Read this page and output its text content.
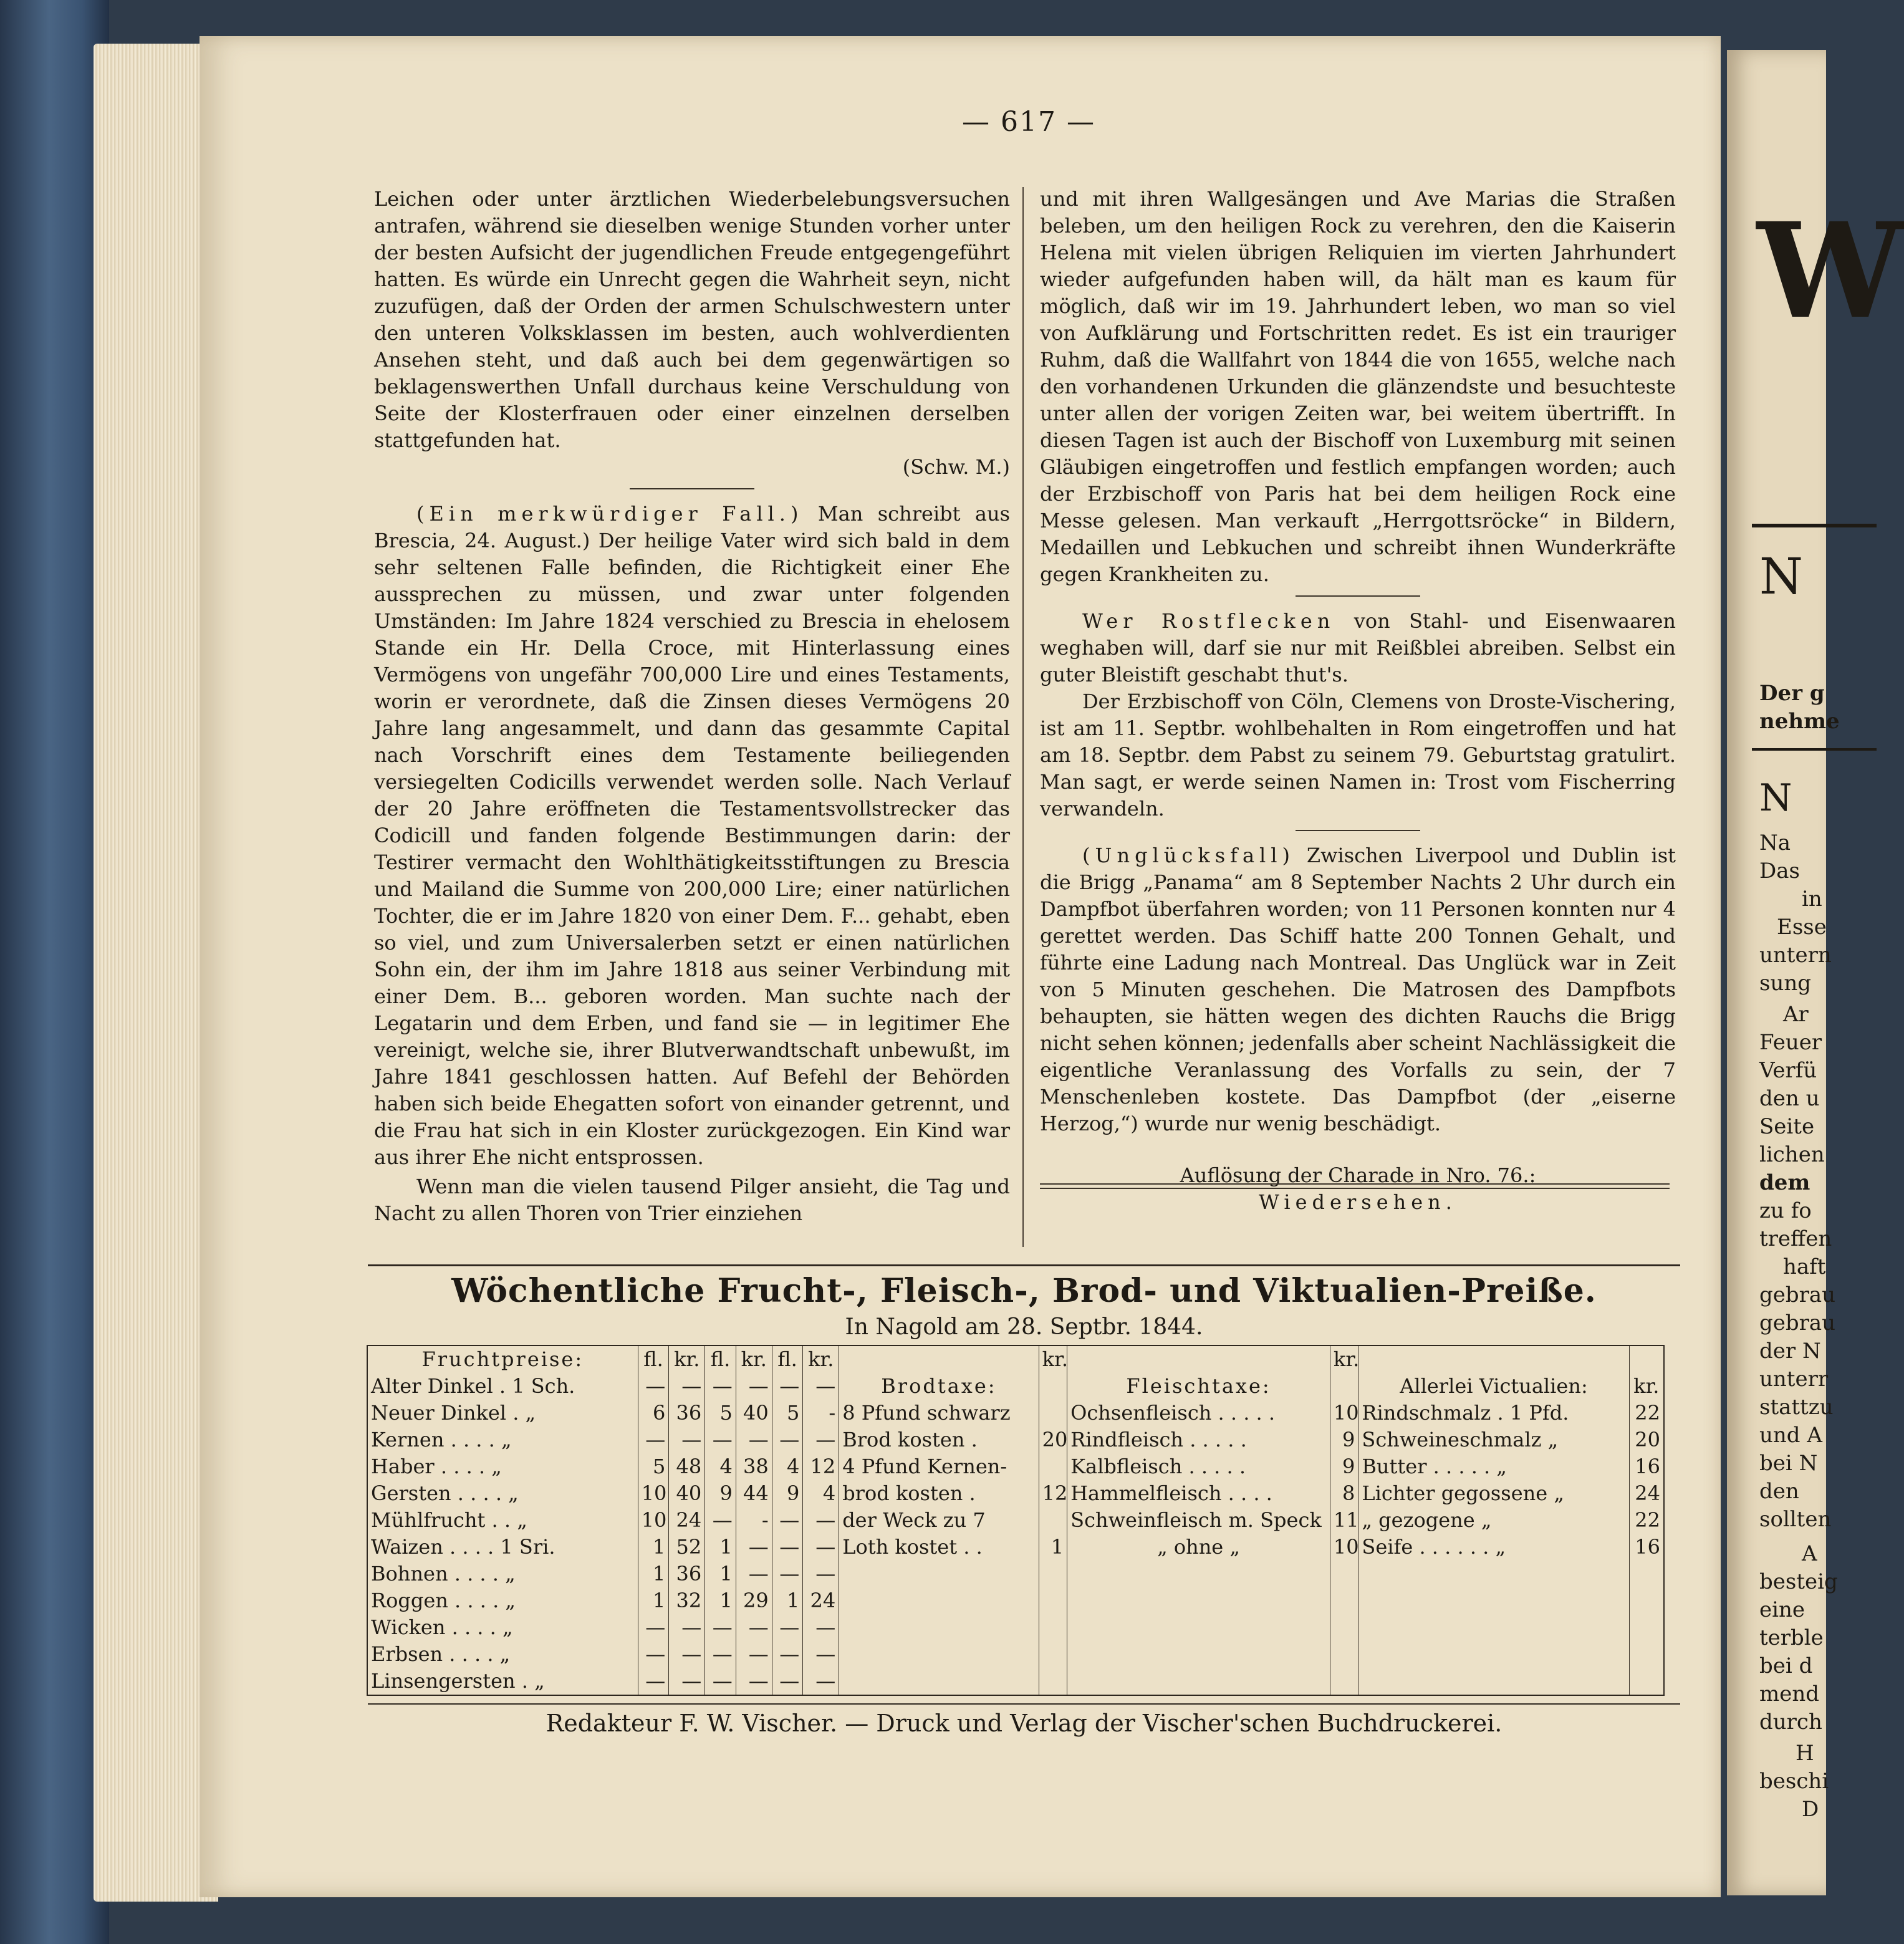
W
N
Der g
nehme
N
Na
Das
in
Esse
untern
sung
Ar
Feuer
Verfü
den u
Seite
lichen
dem
zu fo
treffen
haft
gebrau
gebrau
der N
unterr
stattzu
und A
bei N
den
sollten
A
besteig
eine
terble
bei d
mend
durch
H
beschi
D
— 617 —

Leichen oder unter ärztlichen Wiederbelebungsversuchen antrafen, während sie dieselben wenige Stunden vorher unter der besten Aufsicht der jugendlichen Freude entgegengeführt hatten. Es würde ein Unrecht gegen die Wahrheit seyn, nicht zuzufügen, daß der Orden der armen Schulschwestern unter den unteren Volksklassen im besten, auch wohlverdienten Ansehen steht, und daß auch bei dem gegenwärtigen so beklagenswerthen Unfall durchaus keine Verschuldung von Seite der Klosterfrauen oder einer einzelnen derselben stattgefunden hat.

(Schw. M.)

(Ein merkwürdiger Fall.) Man schreibt aus Brescia, 24. August.) Der heilige Vater wird sich bald in dem sehr seltenen Falle befinden, die Richtigkeit einer Ehe aussprechen zu müssen, und zwar unter folgenden Umständen: Im Jahre 1824 verschied zu Brescia in ehelosem Stande ein Hr. Della Croce, mit Hinterlassung eines Vermögens von ungefähr 700,000 Lire und eines Testaments, worin er verordnete, daß die Zinsen dieses Vermögens 20 Jahre lang angesammelt, und dann das gesammte Capital nach Vorschrift eines dem Testamente beiliegenden versiegelten Codicills verwendet werden solle. Nach Verlauf der 20 Jahre eröffneten die Testamentsvollstrecker das Codicill und fanden folgende Bestimmungen darin: der Testirer vermacht den Wohlthätigkeitsstiftungen zu Brescia und Mailand die Summe von 200,000 Lire; einer natürlichen Tochter, die er im Jahre 1820 von einer Dem. F... gehabt, eben so viel, und zum Universalerben setzt er einen natürlichen Sohn ein, der ihm im Jahre 1818 aus seiner Verbindung mit einer Dem. B... geboren worden. Man suchte nach der Legatarin und dem Erben, und fand sie — in legitimer Ehe vereinigt, welche sie, ihrer Blutverwandtschaft unbewußt, im Jahre 1841 geschlossen hatten. Auf Befehl der Behörden haben sich beide Ehegatten sofort von einander getrennt, und die Frau hat sich in ein Kloster zurückgezogen. Ein Kind war aus ihrer Ehe nicht entsprossen.

Wenn man die vielen tausend Pilger ansieht, die Tag und Nacht zu allen Thoren von Trier einziehen

und mit ihren Wallgesängen und Ave Marias die Straßen beleben, um den heiligen Rock zu verehren, den die Kaiserin Helena mit vielen übrigen Reliquien im vierten Jahrhundert wieder aufgefunden haben will, da hält man es kaum für möglich, daß wir im 19. Jahrhundert leben, wo man so viel von Aufklärung und Fortschritten redet. Es ist ein trauriger Ruhm, daß die Wallfahrt von 1844 die von 1655, welche nach den vorhandenen Urkunden die glänzendste und besuchteste unter allen der vorigen Zeiten war, bei weitem übertrifft. In diesen Tagen ist auch der Bischoff von Luxemburg mit seinen Gläubigen eingetroffen und festlich empfangen worden; auch der Erzbischoff von Paris hat bei dem heiligen Rock eine Messe gelesen. Man verkauft „Herrgottsröcke“ in Bildern, Medaillen und Lebkuchen und schreibt ihnen Wunderkräfte gegen Krankheiten zu.

Wer Rostflecken von Stahl- und Eisenwaaren weghaben will, darf sie nur mit Reißblei abreiben. Selbst ein guter Bleistift geschabt thut's.

Der Erzbischoff von Cöln, Clemens von Droste-Vischering, ist am 11. Septbr. wohlbehalten in Rom eingetroffen und hat am 18. Septbr. dem Pabst zu seinem 79. Geburtstag gratulirt. Man sagt, er werde seinen Namen in: Trost vom Fischerring verwandeln.

(Unglücksfall) Zwischen Liverpool und Dublin ist die Brigg „Panama“ am 8 September Nachts 2 Uhr durch ein Dampfbot überfahren worden; von 11 Personen konnten nur 4 gerettet werden. Das Schiff hatte 200 Tonnen Gehalt, und führte eine Ladung nach Montreal. Das Unglück war in Zeit von 5 Minuten geschehen. Die Matrosen des Dampfbots behaupten, sie hätten wegen des dichten Rauchs die Brigg nicht sehen können; jedenfalls aber scheint Nachlässigkeit die eigentliche Veranlassung des Vorfalls zu sein, der 7 Menschenleben kostete. Das Dampfbot (der „eiserne Herzog,“) wurde nur wenig beschädigt.

Auflösung der Charade in Nro. 76.:

Wiedersehen.

Wöchentliche Frucht-, Fleisch-, Brod- und Viktualien-Preiße.
In Nagold am 28. Septbr. 1844.
Fruchtpreise:	fl.	kr.	fl.	kr.	fl.	kr.		kr.		kr.		
Alter Dinkel . 1 Sch.	—	—	—	—	—	—	Brodtaxe:		Fleischtaxe:		Allerlei Victualien:	kr.
Neuer Dinkel . „	6	36	5	40	5	-	8 Pfund schwarz		Ochsenfleisch . . . . .	10	Rindschmalz . 1 Pfd.	22
Kernen . . . . „	—	—	—	—	—	—	Brod kosten .	20	Rindfleisch . . . . .	9	Schweineschmalz „	20
Haber . . . . „	5	48	4	38	4	12	4 Pfund Kernen-		Kalbfleisch . . . . .	9	Butter . . . . . „	16
Gersten . . . . „	10	40	9	44	9	4	brod kosten .	12	Hammelfleisch . . . .	8	Lichter gegossene „	24
Mühlfrucht . . „	10	24	—	-	—	—	der Weck zu 7		Schweinfleisch m. Speck	11	„ gezogene „	22
Waizen . . . . 1 Sri.	1	52	1	—	—	—	Loth kostet . .	1	„ ohne „	10	Seife . . . . . . „	16
Bohnen . . . . „	1	36	1	—	—	—						
Roggen . . . . „	1	32	1	29	1	24						
Wicken . . . . „	—	—	—	—	—	—						
Erbsen . . . . „	—	—	—	—	—	—						
Linsengersten . „	—	—	—	—	—	—						
Redakteur F. W. Vischer. — Druck und Verlag der Vischer'schen Buchdruckerei.
